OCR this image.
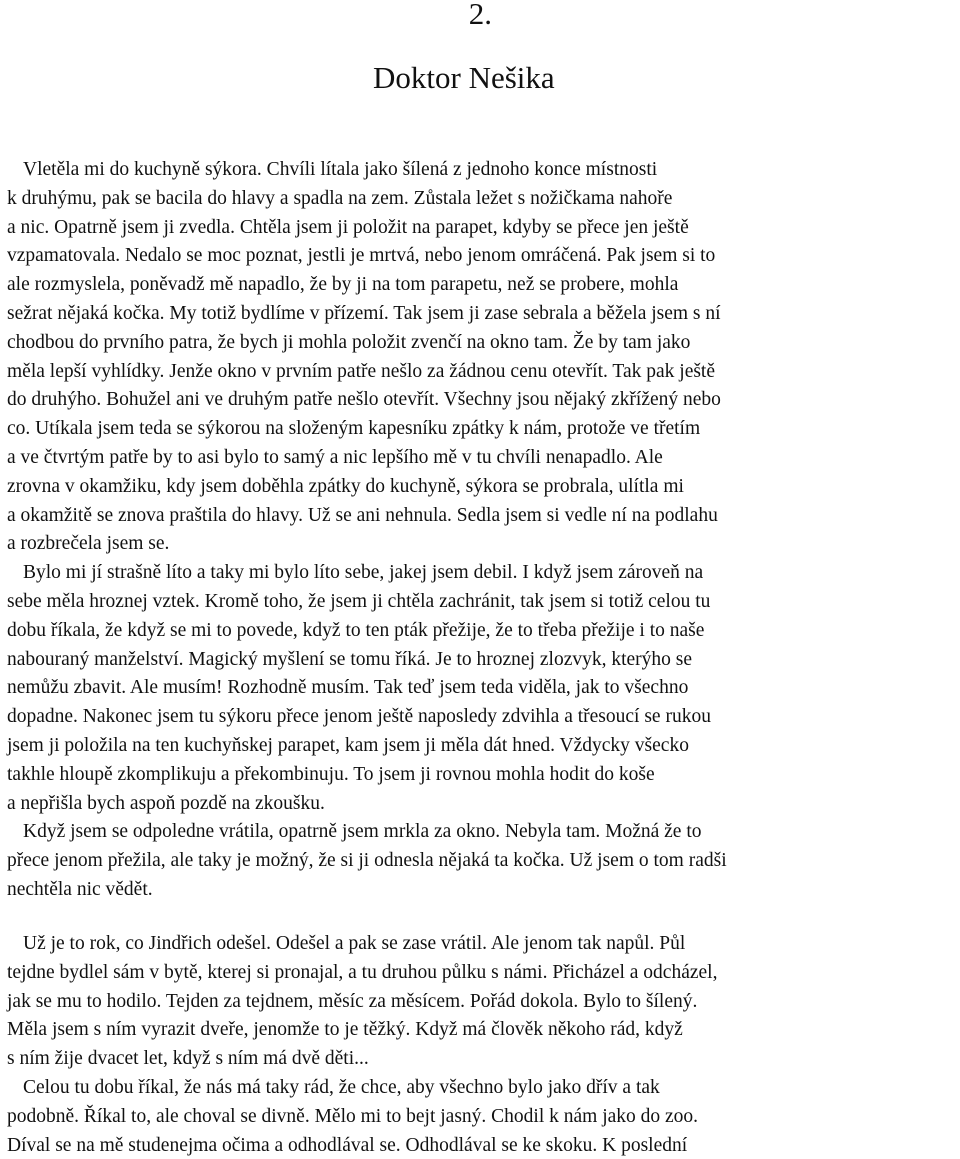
2.
Doktor Nešika
Vletěla mi do kuchyně sýkora. Chvíli lítala jako šílená z jednoho konce místnosti
k druhýmu, pak se bacila do hlavy a spadla na zem. Zůstala ležet s nožičkama nahoře
a nic. Opatrně jsem ji zvedla. Chtěla jsem ji položit na parapet, kdyby se přece jen ještě
vzpamatovala. Nedalo se moc poznat, jestli je mrtvá, nebo jenom omráčená. Pak jsem si to
ale rozmyslela, poněvadž mě napadlo, že by ji na tom parapetu, než se probere, mohla
sežrat nějaká kočka. My totiž bydlíme v přízemí. Tak jsem ji zase sebrala a běžela jsem s ní
chodbou do prvního patra, že bych ji mohla položit zvenčí na okno tam. Že by tam jako
měla lepší vyhlídky. Jenže okno v prvním patře nešlo za žádnou cenu otevřít. Tak pak ještě
do druhýho. Bohužel ani ve druhým patře nešlo otevřít. Všechny jsou nějaký zkřížený nebo
co. Utíkala jsem teda se sýkorou na složeným kapesníku zpátky k nám, protože ve třetím
a ve čtvrtým patře by to asi bylo to samý a nic lepšího mě v tu chvíli nenapadlo. Ale
zrovna v okamžiku, kdy jsem doběhla zpátky do kuchyně, sýkora se probrala, ulítla mi
a okamžitě se znova praštila do hlavy. Už se ani nehnula. Sedla jsem si vedle ní na podlahu
a rozbrečela jsem se.
Bylo mi jí strašně líto a taky mi bylo líto sebe, jakej jsem debil. I když jsem zároveň na
sebe měla hroznej vztek. Kromě toho, že jsem ji chtěla zachránit, tak jsem si totiž celou tu
dobu říkala, že když se mi to povede, když to ten pták přežije, že to třeba přežije i to naše
nabouraný manželství. Magický myšlení se tomu říká. Je to hroznej zlozvyk, kterýho se
nemůžu zbavit. Ale musím! Rozhodně musím. Tak teď jsem teda viděla, jak to všechno
dopadne. Nakonec jsem tu sýkoru přece jenom ještě naposledy zdvihla a třesoucí se rukou
jsem ji položila na ten kuchyňskej parapet, kam jsem ji měla dát hned. Vždycky všecko
takhle hloupě zkomplikuju a překombinuju. To jsem ji rovnou mohla hodit do koše
a nepřišla bych aspoň pozdě na zkoušku.
Když jsem se odpoledne vrátila, opatrně jsem mrkla za okno. Nebyla tam. Možná že to
přece jenom přežila, ale taky je možný, že si ji odnesla nějaká ta kočka. Už jsem o tom radši
nechtěla nic vědět.
Už je to rok, co Jindřich odešel. Odešel a pak se zase vrátil. Ale jenom tak napůl. Půl
tejdne bydlel sám v bytě, kterej si pronajal, a tu druhou půlku s námi. Přicházel a odcházel,
jak se mu to hodilo. Tejden za tejdnem, měsíc za měsícem. Pořád dokola. Bylo to šílený.
Měla jsem s ním vyrazit dveře, jenomže to je těžký. Když má člověk někoho rád, když
s ním žije dvacet let, když s ním má dvě děti...
Celou tu dobu říkal, že nás má taky rád, že chce, aby všechno bylo jako dřív a tak
podobně. Říkal to, ale choval se divně. Mělo mi to bejt jasný. Chodil k nám jako do zoo.
Díval se na mě studenejma očima a odhodlával se. Odhodlával se ke skoku. K poslední
